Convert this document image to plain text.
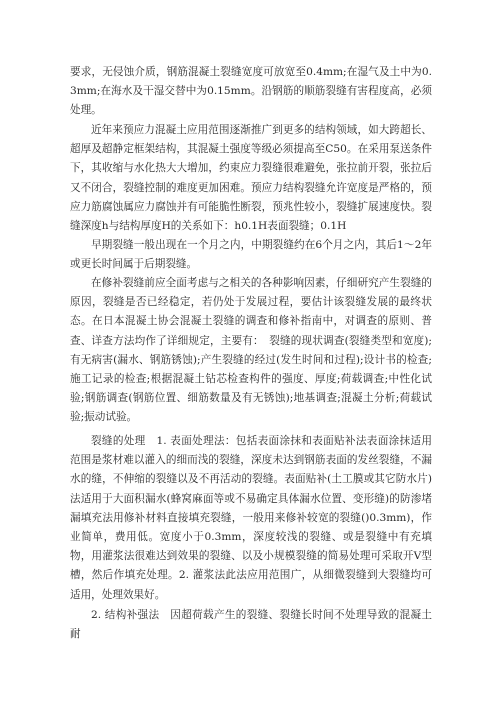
要求，无侵蚀介质，钢筋混凝土裂缝宽度可放宽至0.4mm;在湿气及土中为0.3mm;在海水及干湿交替中为0.15mm。沿钢筋的顺筋裂缝有害程度高，必须处理。

近年来预应力混凝土应用范围逐渐推广到更多的结构领域，如大跨超长、超厚及超静定框架结构，其混凝土强度等级必须提高至C50。在采用泵送条件下，其收缩与水化热大大增加，约束应力裂缝很难避免，张拉前开裂，张拉后又不闭合，裂缝控制的难度更加困难。预应力结构裂缝允许宽度是严格的，预应力筋腐蚀属应力腐蚀并有可能脆性断裂，预兆性较小，裂缝扩展速度快。裂缝深度h与结构厚度H的关系如下：h0.1H表面裂缝；0.1H

早期裂缝一般出现在一个月之内，中期裂缝约在6个月之内，其后1～2年或更长时间属于后期裂缝。

在修补裂缝前应全面考虑与之相关的各种影响因素，仔细研究产生裂缝的原因，裂缝是否已经稳定，若仍处于发展过程，要估计该裂缝发展的最终状态。在日本混凝土协会混凝土裂缝的调查和修补指南中，对调查的原则、普查、详查方法均作了详细规定，主要有：　裂缝的现状调查(裂缝类型和宽度);有无病害(漏水、钢筋锈蚀);产生裂缝的经过(发生时间和过程);设计书的检查;施工记录的检查;根据混凝土钻芯检查构件的强度、厚度;荷载调查;中性化试验;钢筋调查(钢筋位置、细筋数量及有无锈蚀);地基调查;混凝土分析;荷载试验;振动试验。

裂缝的处理　1. 表面处理法：包括表面涂抹和表面贴补法表面涂抹适用范围是浆材难以灌入的细而浅的裂缝，深度未达到钢筋表面的发丝裂缝，不漏水的缝，不伸缩的裂缝以及不再活动的裂缝。表面贴补(土工膜或其它防水片)法适用于大面积漏水(蜂窝麻面等或不易确定具体漏水位置、变形缝)的防渗堵漏填充法用修补材料直接填充裂缝，一般用来修补较宽的裂缝()0.3mm)，作业简单，费用低。宽度小于0.3mm，深度较浅的裂缝、或是裂缝中有充填物，用灌浆法很难达到效果的裂缝、以及小规模裂缝的简易处理可采取开V型槽，然后作填充处理。2. 灌浆法此法应用范围广，从细微裂缝到大裂缝均可适用，处理效果好。

2. 结构补强法　因超荷载产生的裂缝、裂缝长时间不处理导致的混凝土耐
